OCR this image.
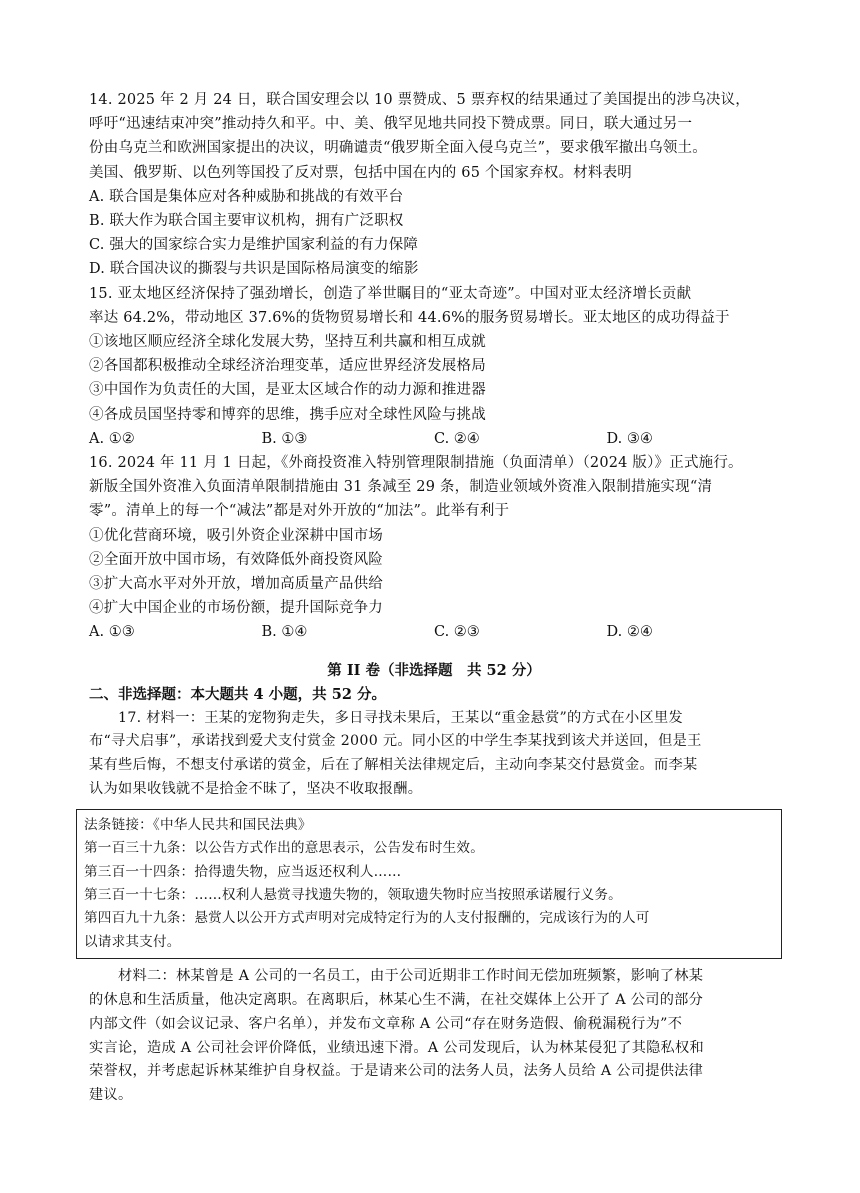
14. 2025 年 2 月 24 日，联合国安理会以 10 票赞成、5 票弃权的结果通过了美国提出的涉乌决议，
呼吁“迅速结束冲突”推动持久和平。中、美、俄罕见地共同投下赞成票。同日，联大通过另一
份由乌克兰和欧洲国家提出的决议，明确谴责“俄罗斯全面入侵乌克兰”，要求俄军撤出乌领土。
美国、俄罗斯、以色列等国投了反对票，包括中国在内的 65 个国家弃权。材料表明
A. 联合国是集体应对各种威胁和挑战的有效平台
B. 联大作为联合国主要审议机构，拥有广泛职权
C. 强大的国家综合实力是维护国家利益的有力保障
D. 联合国决议的撕裂与共识是国际格局演变的缩影
15. 亚太地区经济保持了强劲增长，创造了举世瞩目的“亚太奇迹”。中国对亚太经济增长贡献
率达 64.2%，带动地区 37.6%的货物贸易增长和 44.6%的服务贸易增长。亚太地区的成功得益于
①该地区顺应经济全球化发展大势，坚持互利共赢和相互成就
②各国都积极推动全球经济治理变革，适应世界经济发展格局
③中国作为负责任的大国，是亚太区域合作的动力源和推进器
④各成员国坚持零和博弈的思维，携手应对全球性风险与挑战
A. ①②	B. ①③	C. ②④	D. ③④
16. 2024 年 11 月 1 日起，《外商投资准入特别管理限制措施（负面清单）（2024 版）》正式施行。
新版全国外资准入负面清单限制措施由 31 条减至 29 条，制造业领域外资准入限制措施实现“清
零”。清单上的每一个“减法”都是对外开放的“加法”。此举有利于
①优化营商环境，吸引外资企业深耕中国市场
②全面开放中国市场，有效降低外商投资风险
③扩大高水平对外开放，增加高质量产品供给
④扩大中国企业的市场份额，提升国际竞争力
A. ①③	B. ①④	C. ②③	D. ②④
第 II 卷（非选择题　共 52 分）
二、非选择题：本大题共 4 小题，共 52 分。
17. 材料一：王某的宠物狗走失，多日寻找未果后，王某以“重金悬赏”的方式在小区里发
布“寻犬启事”，承诺找到爱犬支付赏金 2000 元。同小区的中学生李某找到该犬并送回，但是王
某有些后悔，不想支付承诺的赏金，后在了解相关法律规定后，主动向李某交付悬赏金。而李某
认为如果收钱就不是拾金不昧了，坚决不收取报酬。
法条链接：《中华人民共和国民法典》
第一百三十九条：以公告方式作出的意思表示，公告发布时生效。
第三百一十四条：拾得遗失物，应当返还权利人……
第三百一十七条：……权利人悬赏寻找遗失物的，领取遗失物时应当按照承诺履行义务。
第四百九十九条：悬赏人以公开方式声明对完成特定行为的人支付报酬的，完成该行为的人可
以请求其支付。
材料二：林某曾是 A 公司的一名员工，由于公司近期非工作时间无偿加班频繁，影响了林某
的休息和生活质量，他决定离职。在离职后，林某心生不满，在社交媒体上公开了 A 公司的部分
内部文件（如会议记录、客户名单），并发布文章称 A 公司“存在财务造假、偷税漏税行为”不
实言论，造成 A 公司社会评价降低，业绩迅速下滑。A 公司发现后，认为林某侵犯了其隐私权和
荣誉权，并考虑起诉林某维护自身权益。于是请来公司的法务人员，法务人员给 A 公司提供法律
建议。
